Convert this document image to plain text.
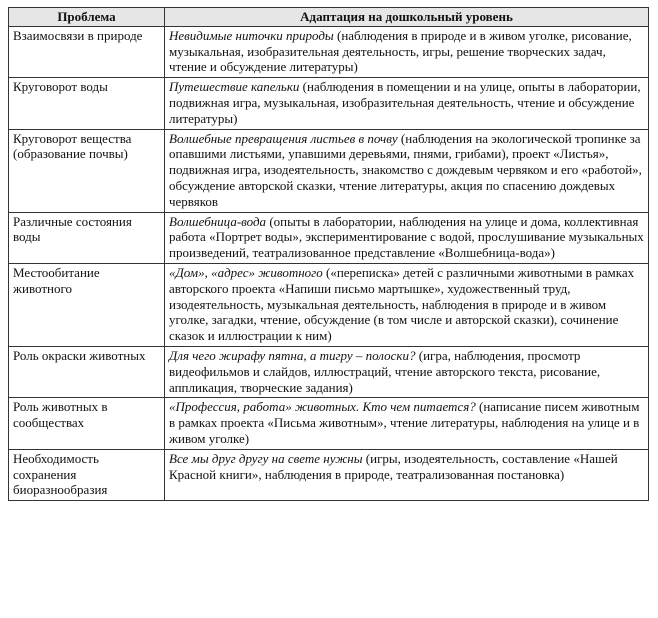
Проблема	Адаптация на дошкольный уровень
Взаимосвязи в природе	Невидимые ниточки природы (наблюдения в природе и в живом уголке, рисование, музыкальная, изобразительная деятельность, игры, решение творческих задач, чтение и обсуждение литературы)
Круговорот воды	Путешествие капельки (наблюдения в помещении и на улице, опыты в лаборатории, подвижная игра, музыкальная, изобразительная деятельность, чтение и обсуждение литературы)
Круговорот вещества (образование почвы)	Волшебные превращения листьев в почву (наблюдения на экологической тропинке за опавшими листьями, упавшими деревьями, пнями, грибами), проект «Листья», подвижная игра, изодеятельность, знакомство с дождевым червяком и его «работой», обсуждение авторской сказки, чтение литературы, акция по спасению дождевых червяков
Различные состояния воды	Волшебница-вода (опыты в лаборатории, наблюдения на улице и дома, коллективная работа «Портрет воды», экспериментирование с водой, прослушивание музыкальных произведений, театрализованное представление «Волшебница-вода»)
Местообитание животного	«Дом», «адрес» животного («переписка» детей с различными животными в рамках авторского проекта «Напиши письмо мартышке», художественный труд, изодеятельность, музыкальная деятельность, наблюдения в природе и в живом уголке, загадки, чтение, обсуждение (в том числе и авторской сказки), сочинение сказок и иллюстрации к ним)
Роль окраски животных	Для чего жирафу пятна, а тигру – полоски? (игра, наблюдения, просмотр видеофильмов и слайдов, иллюстраций, чтение авторского текста, рисование, аппликация, творческие задания)
Роль животных в сообществах	«Профессия, работа» животных. Кто чем питается? (написание писем животным в рамках проекта «Письма животным», чтение литературы, наблюдения на улице и в живом уголке)
Необходимость сохранения биоразнообразия	Все мы друг другу на свете нужны (игры, изодеятельность, составление «Нашей Красной книги», наблюдения в природе, театрализованная постановка)
